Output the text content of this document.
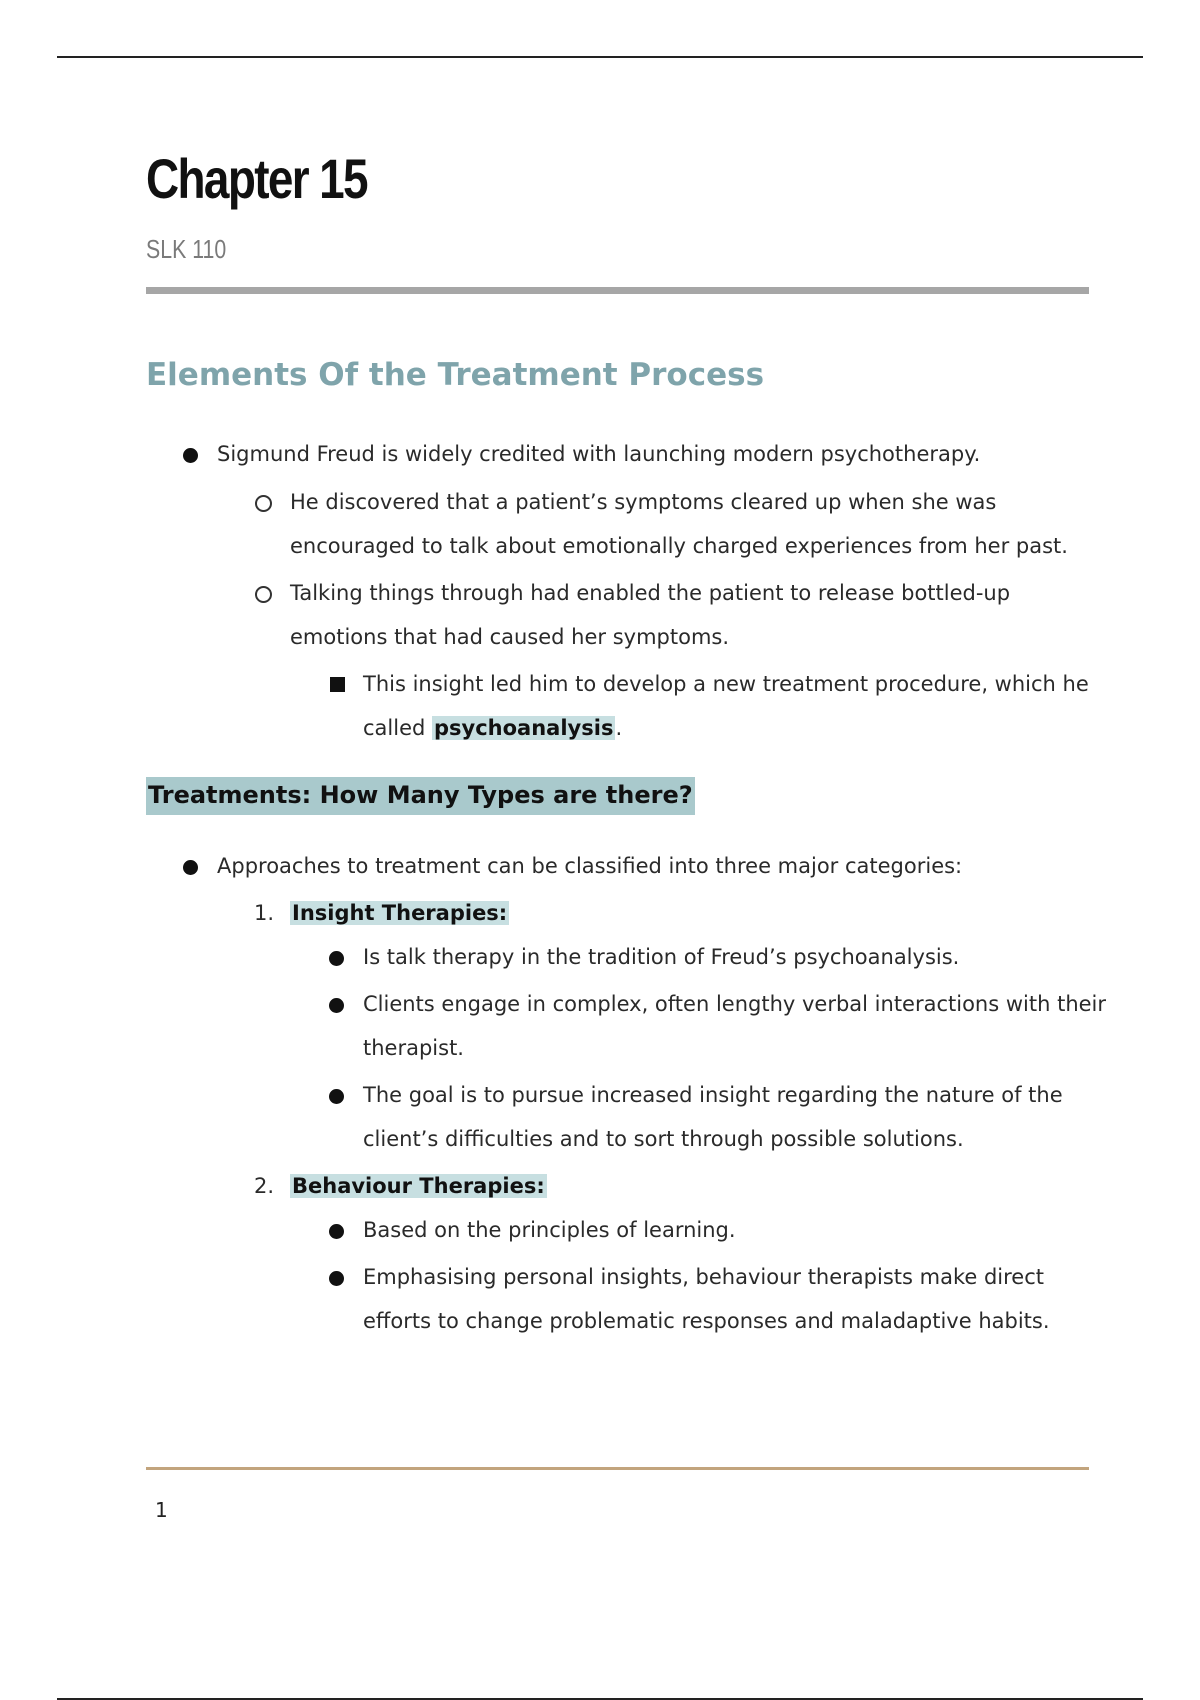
Chapter 15
SLK 110
Elements Of the Treatment Process
Sigmund Freud is widely credited with launching modern psychotherapy.
He discovered that a patient’s symptoms cleared up when she was
encouraged to talk about emotionally charged experiences from her past.
Talking things through had enabled the patient to release bottled-up
emotions that had caused her symptoms.
This insight led him to develop a new treatment procedure, which he
called psychoanalysis.
Treatments: How Many Types are there?
Approaches to treatment can be classified into three major categories:
1. Insight Therapies:
Is talk therapy in the tradition of Freud’s psychoanalysis.
Clients engage in complex, often lengthy verbal interactions with their
therapist.
The goal is to pursue increased insight regarding the nature of the
client’s difficulties and to sort through possible solutions.
2. Behaviour Therapies:
Based on the principles of learning.
Emphasising personal insights, behaviour therapists make direct
efforts to change problematic responses and maladaptive habits.
1
